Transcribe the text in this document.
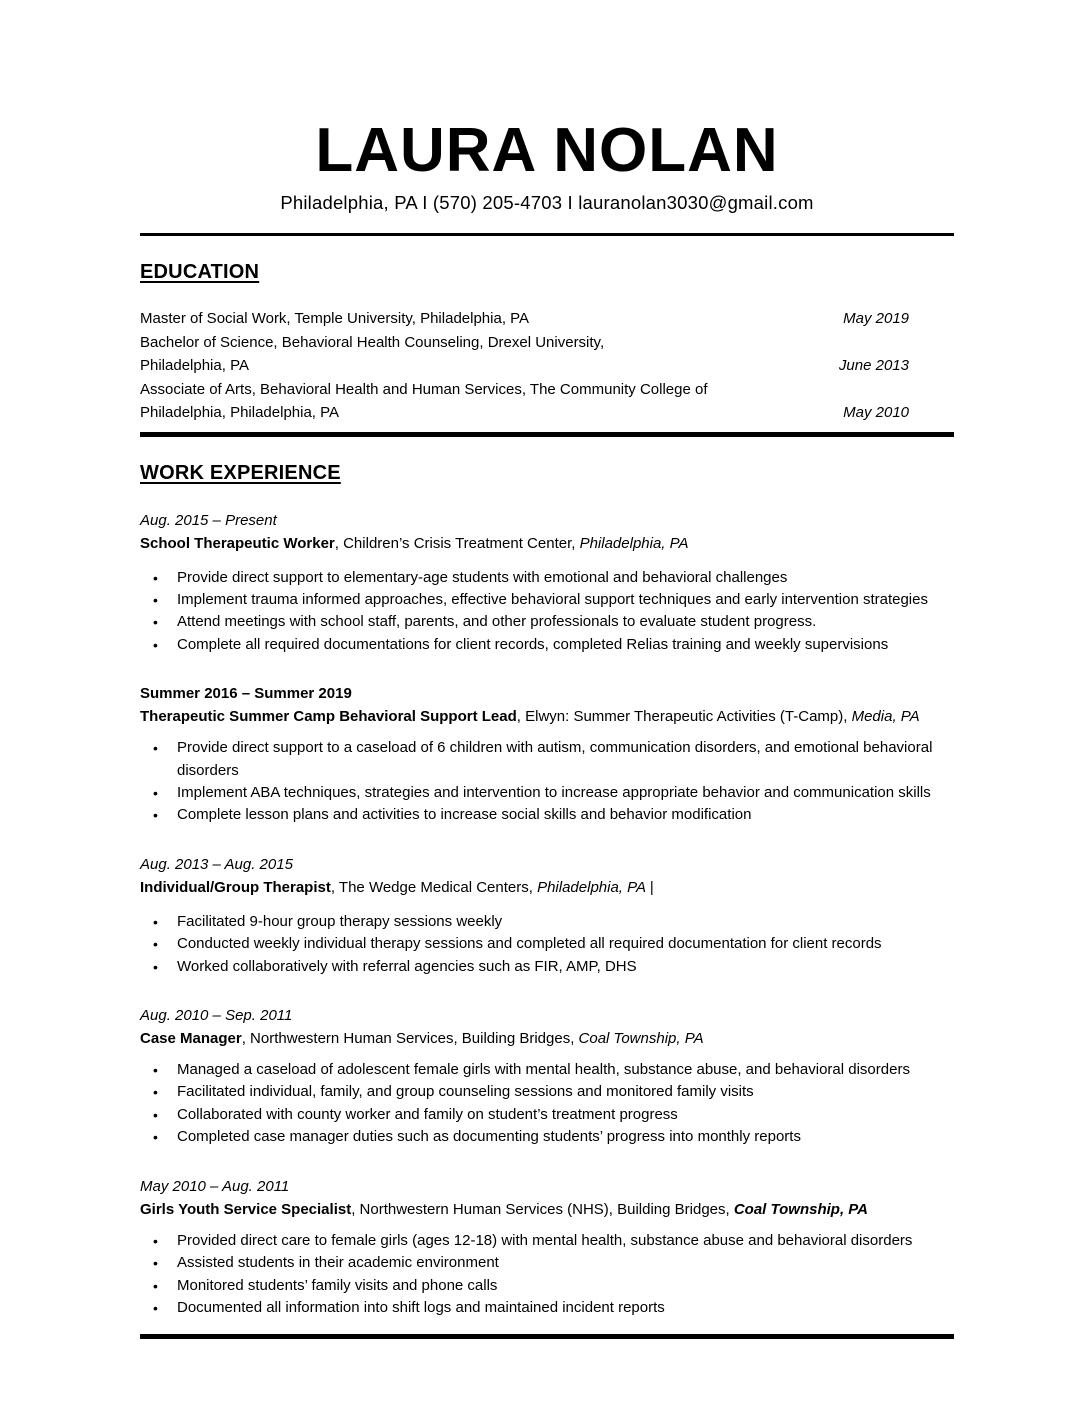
LAURA NOLAN
Philadelphia, PA I (570) 205-4703 I lauranolan3030@gmail.com
EDUCATION
Master of Social Work, Temple University, Philadelphia, PA	May 2019
Bachelor of Science, Behavioral Health Counseling, Drexel University,
Philadelphia, PA	June 2013
Associate of Arts, Behavioral Health and Human Services, The Community College of
Philadelphia, Philadelphia, PA	May 2010
WORK EXPERIENCE
Aug. 2015 – Present
School Therapeutic Worker, Children’s Crisis Treatment Center, Philadelphia, PA
• Provide direct support to elementary-age students with emotional and behavioral challenges
• Implement trauma informed approaches, effective behavioral support techniques and early intervention strategies
• Attend meetings with school staff, parents, and other professionals to evaluate student progress.
• Complete all required documentations for client records, completed Relias training and weekly supervisions
Summer 2016 – Summer 2019
Therapeutic Summer Camp Behavioral Support Lead, Elwyn: Summer Therapeutic Activities (T-Camp), Media, PA
• Provide direct support to a caseload of 6 children with autism, communication disorders, and emotional behavioral disorders
• Implement ABA techniques, strategies and intervention to increase appropriate behavior and communication skills
• Complete lesson plans and activities to increase social skills and behavior modification
Aug. 2013 – Aug. 2015
Individual/Group Therapist, The Wedge Medical Centers, Philadelphia, PA |
• Facilitated 9-hour group therapy sessions weekly
• Conducted weekly individual therapy sessions and completed all required documentation for client records
• Worked collaboratively with referral agencies such as FIR, AMP, DHS
Aug. 2010 – Sep. 2011
Case Manager, Northwestern Human Services, Building Bridges, Coal Township, PA
• Managed a caseload of adolescent female girls with mental health, substance abuse, and behavioral disorders
• Facilitated individual, family, and group counseling sessions and monitored family visits
• Collaborated with county worker and family on student’s treatment progress
• Completed case manager duties such as documenting students’ progress into monthly reports
May 2010 – Aug. 2011
Girls Youth Service Specialist, Northwestern Human Services (NHS), Building Bridges, Coal Township, PA
• Provided direct care to female girls (ages 12-18) with mental health, substance abuse and behavioral disorders
• Assisted students in their academic environment
• Monitored students’ family visits and phone calls
• Documented all information into shift logs and maintained incident reports
